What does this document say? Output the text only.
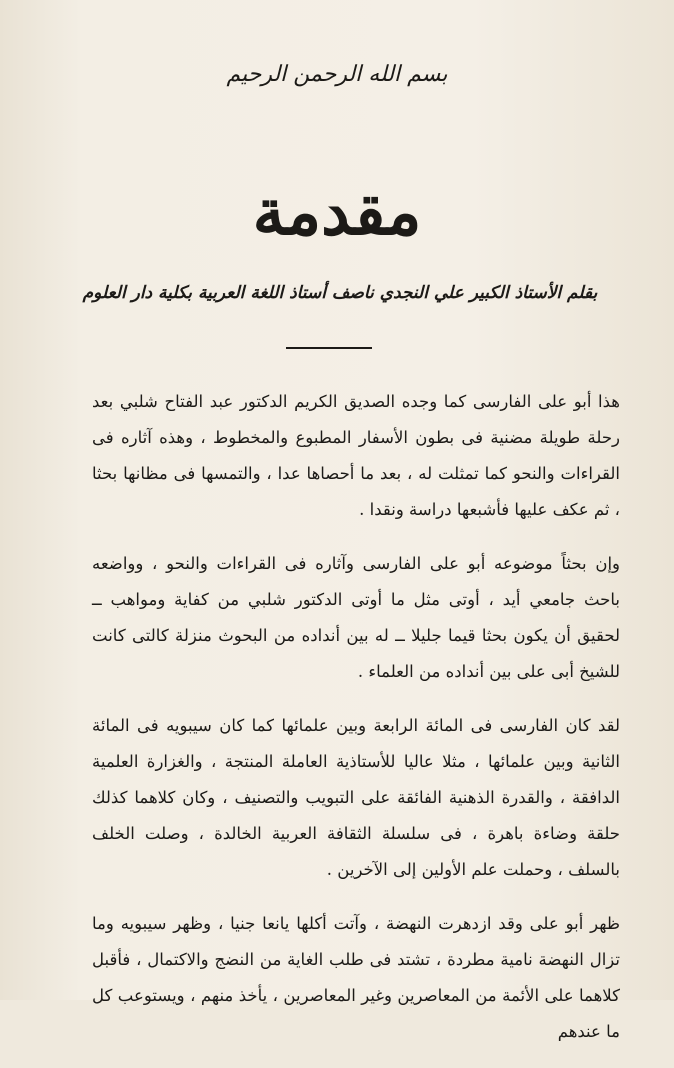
بسم الله الرحمن الرحيم
مقدمة
بقلم الأستاذ الكبير علي النجدي ناصف أستاذ اللغة العربية بكلية دار العلوم

هذا أبو على الفارسى كما وجده الصديق الكريم الدكتور عبد الفتاح شلبي بعد رحلة طويلة مضنية فى بطون الأسفار المطبوع والمخطوط ، وهذه آثاره فى القراءات والنحو كما تمثلت له ، بعد ما أحصاها عدا ، والتمسها فى مظانها بحثا ، ثم عكف عليها فأشبعها دراسة ونقدا .

وإن بحثاً موضوعه أبو على الفارسى وآثاره فى القراءات والنحو ، وواضعه باحث جامعي أيد ، أوتى مثل ما أوتى الدكتور شلبي من كفاية ومواهب ــ لحقيق أن يكون بحثا قيما جليلا ــ له بين أنداده من البحوث منزلة كالتى كانت للشيخ أبى على بين أنداده من العلماء .

لقد كان الفارسى فى المائة الرابعة وبين علمائها كما كان سيبويه فى المائة الثانية وبين علمائها ، مثلا عاليا للأستاذية العاملة المنتجة ، والغزارة العلمية الدافقة ، والقدرة الذهنية الفائقة على التبويب والتصنيف ، وكان كلاهما كذلك حلقة وضاءة باهرة ، فى سلسلة الثقافة العربية الخالدة ، وصلت الخلف بالسلف ، وحملت علم الأولين إلى الآخرين .

ظهر أبو على وقد ازدهرت النهضة ، وآتت أكلها يانعا جنيا ، وظهر سيبويه وما تزال النهضة نامية مطردة ، تشتد فى طلب الغاية من النضج والاكتمال ، فأقبل كلاهما على الأئمة من المعاصرين وغير المعاصرين ، يأخذ منهم ، ويستوعب كل ما عندهم
